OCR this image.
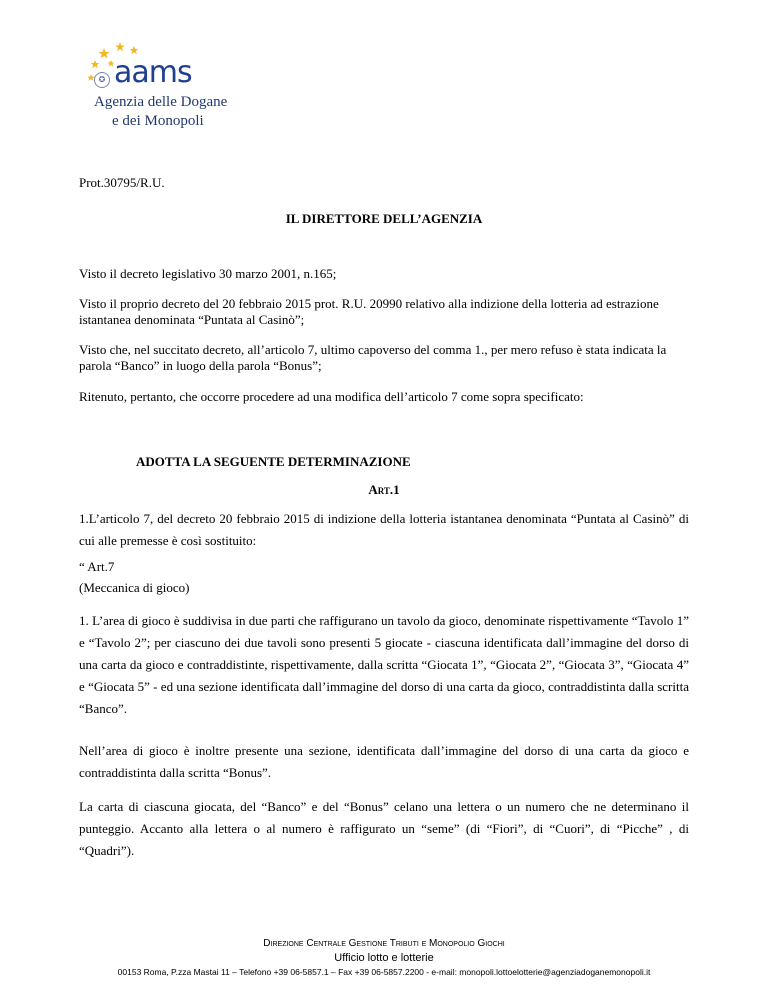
aams
✪
Agenzia delle Dogane
e dei Monopoli
Prot.30795/R.U.
IL DIRETTORE DELL’AGENZIA
Visto il decreto legislativo 30 marzo 2001, n.165;
Visto il proprio decreto del 20 febbraio 2015 prot. R.U. 20990 relativo alla indizione della lotteria ad estrazione istantanea denominata “Puntata al Casinò”;
Visto che, nel succitato decreto, all’articolo 7, ultimo capoverso del comma 1., per mero refuso è stata indicata la parola “Banco” in luogo della parola “Bonus”;
Ritenuto, pertanto, che occorre procedere ad una modifica dell’articolo 7 come sopra specificato:
ADOTTA LA SEGUENTE DETERMINAZIONE
Art.1
1.L’articolo 7, del decreto 20 febbraio 2015 di indizione della lotteria istantanea denominata “Puntata al Casinò” di cui alle premesse è così sostituito:
“ Art.7
(Meccanica di gioco)
1. L’area di gioco è suddivisa in due parti che raffigurano un tavolo da gioco, denominate rispettivamente “Tavolo 1” e “Tavolo 2”; per ciascuno dei due tavoli sono presenti 5 giocate - ciascuna identificata dall’immagine del dorso di una carta da gioco e contraddistinte, rispettivamente, dalla scritta “Giocata 1”, “Giocata 2”, “Giocata 3”, “Giocata 4” e “Giocata 5” - ed una sezione identificata dall’immagine del dorso di una carta da gioco, contraddistinta dalla scritta “Banco”.
Nell’area di gioco è inoltre presente una sezione, identificata dall’immagine del dorso di una carta da gioco e contraddistinta dalla scritta “Bonus”.
La carta di ciascuna giocata, del “Banco” e del “Bonus” celano una lettera o un numero che ne determinano il punteggio. Accanto alla lettera o al numero è raffigurato un “seme” (di “Fiori”, di “Cuori”, di “Picche” , di “Quadri”).
Direzione Centrale Gestione Tributi e Monopolio Giochi
Ufficio lotto e lotterie
00153 Roma, P.zza Mastai 11 – Telefono +39 06-5857.1 – Fax +39 06-5857.2200 - e-mail: monopoli.lottoelotterie@agenziadoganemonopoli.it
